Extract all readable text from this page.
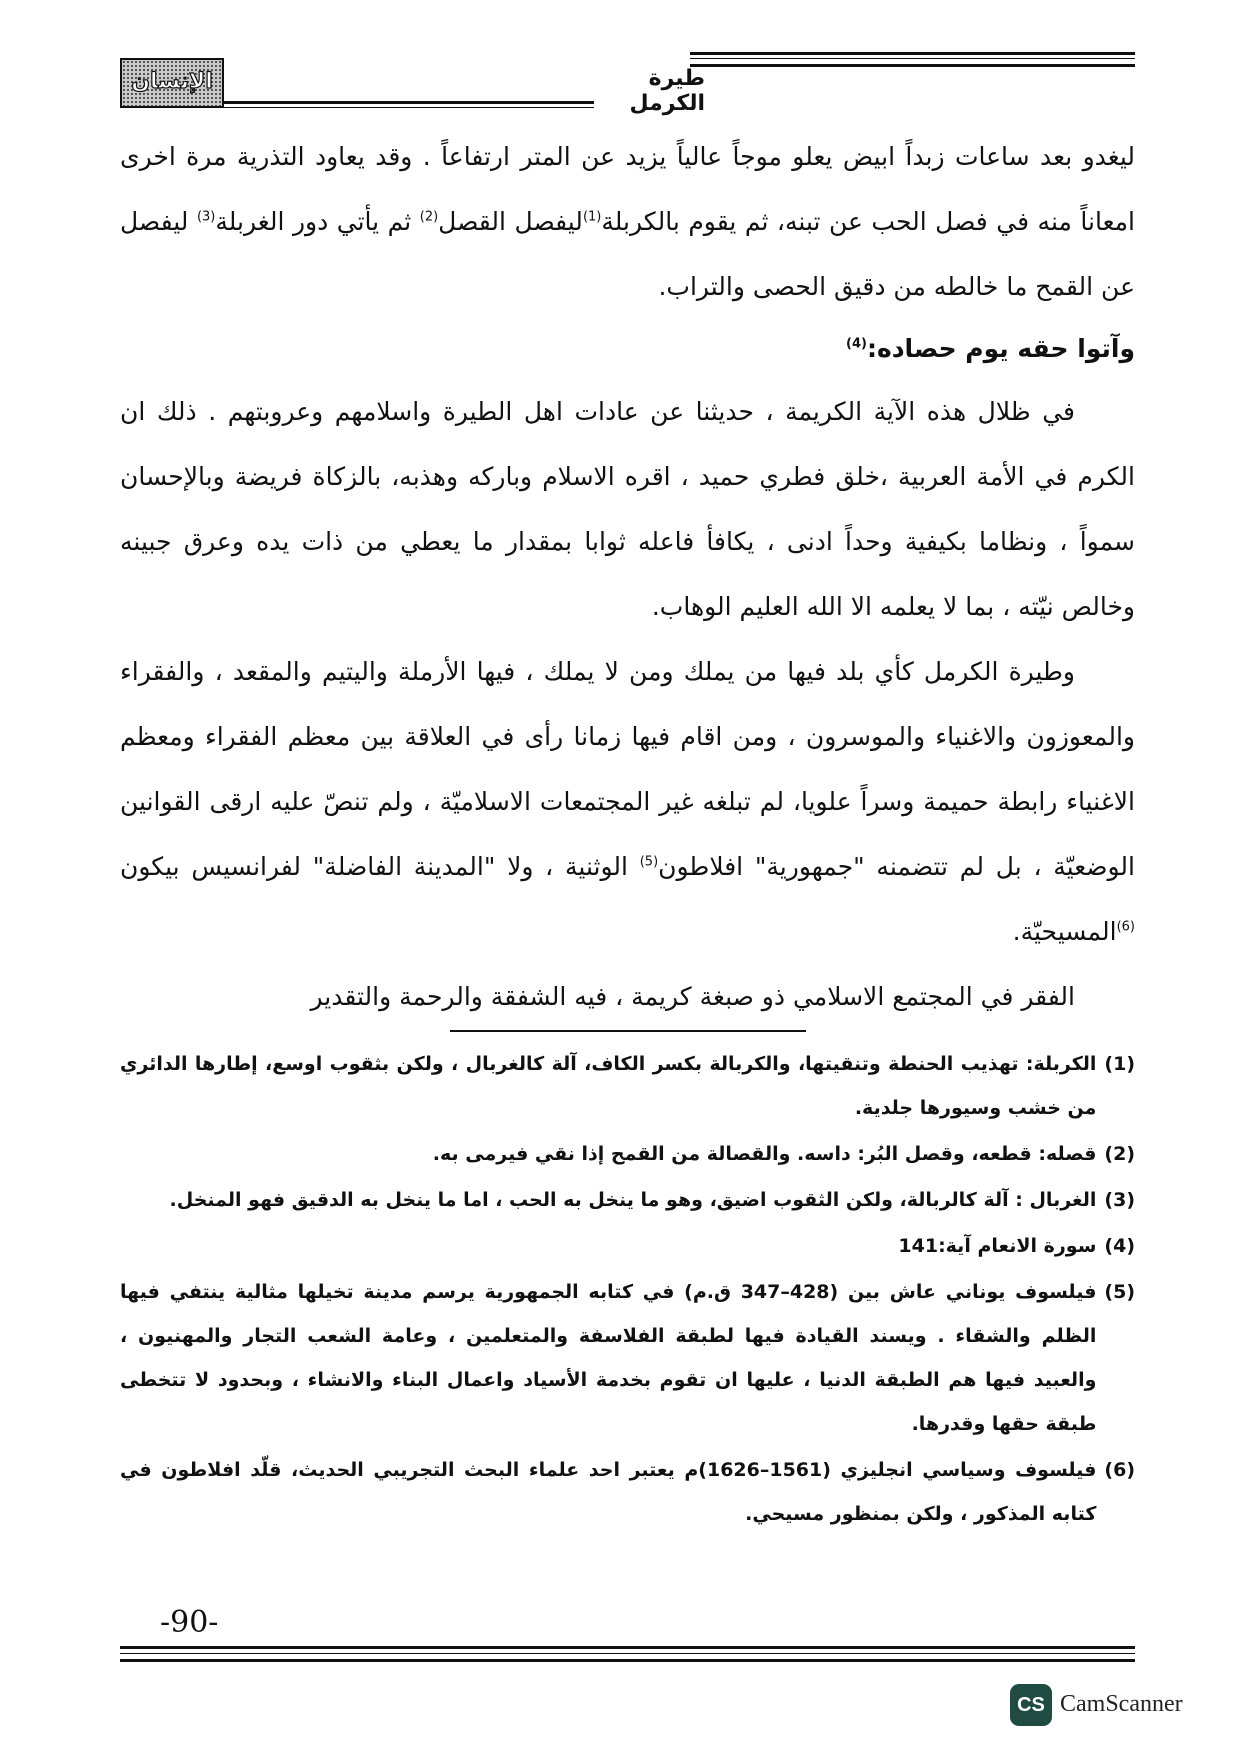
طيرة الكرمل
الإنسان

ليغدو بعد ساعات زبداً ابيض يعلو موجاً عالياً يزيد عن المتر ارتفاعاً . وقد يعاود التذرية مرة اخرى امعاناً منه في فصل الحب عن تبنه، ثم يقوم بالكربلة$^{(1)}$ليفصل القصل$^{(2)}$ ثم يأتي دور الغربلة$^{(3)}$ ليفصل عن القمح ما خالطه من دقيق الحصى والتراب.

وآتوا حقه يوم حصاده:$^{(4)}$

في ظلال هذه الآية الكريمة ، حديثنا عن عادات اهل الطيرة واسلامهم وعروبتهم . ذلك ان الكرم في الأمة العربية ،خلق فطري حميد ، اقره الاسلام وباركه وهذبه، بالزكاة فريضة وبالإحسان سمواً ، ونظاما بكيفية وحداً ادنى ، يكافأ فاعله ثوابا بمقدار ما يعطي من ذات يده وعرق جبينه وخالص نيّته ، بما لا يعلمه الا الله العليم الوهاب.

وطيرة الكرمل كأي بلد فيها من يملك ومن لا يملك ، فيها الأرملة واليتيم والمقعد ، والفقراء والمعوزون والاغنياء والموسرون ، ومن اقام فيها زمانا رأى في العلاقة بين معظم الفقراء ومعظم الاغنياء رابطة حميمة وسراً علويا، لم تبلغه غير المجتمعات الاسلاميّة ، ولم تنصّ عليه ارقى القوانين الوضعيّة ، بل لم تتضمنه "جمهورية" افلاطون$^{(5)}$ الوثنية ، ولا "المدينة الفاضلة" لفرانسيس بيكون $^{(6)}$المسيحيّة.

الفقر في المجتمع الاسلامي ذو صبغة كريمة ، فيه الشفقة والرحمة والتقدير

(1)
الكربلة: تهذيب الحنطة وتنقيتها، والكربالة بكسر الكاف، آلة كالغربال ، ولكن بثقوب اوسع، إطارها الدائري من خشب وسيورها جلدية.
(2)
قصله: قطعه، وقصل البُر: داسه. والقصالة من القمح إذا نقي فيرمى به.
(3)
الغربال : آلة كالربالة، ولكن الثقوب اضيق، وهو ما ينخل به الحب ، اما ما ينخل به الدقيق فهو المنخل.
(4)
سورة الانعام آية:141
(5)
فيلسوف يوناني عاش بين (428–347 ق.م) في كتابه الجمهورية يرسم مدينة تخيلها مثالية ينتفي فيها الظلم والشقاء . ويسند القيادة فيها لطبقة الفلاسفة والمتعلمين ، وعامة الشعب التجار والمهنيون ، والعبيد فيها هم الطبقة الدنيا ، عليها ان تقوم بخدمة الأسياد واعمال البناء والانشاء ، وبحدود لا تتخطى طبقة حقها وقدرها.
(6)
فيلسوف وسياسي انجليزي (1561–1626)م يعتبر احد علماء البحث التجريبي الحديث، قلّد افلاطون في كتابه المذكور ، ولكن بمنظور مسيحي.
-90-
CS CamScanner
